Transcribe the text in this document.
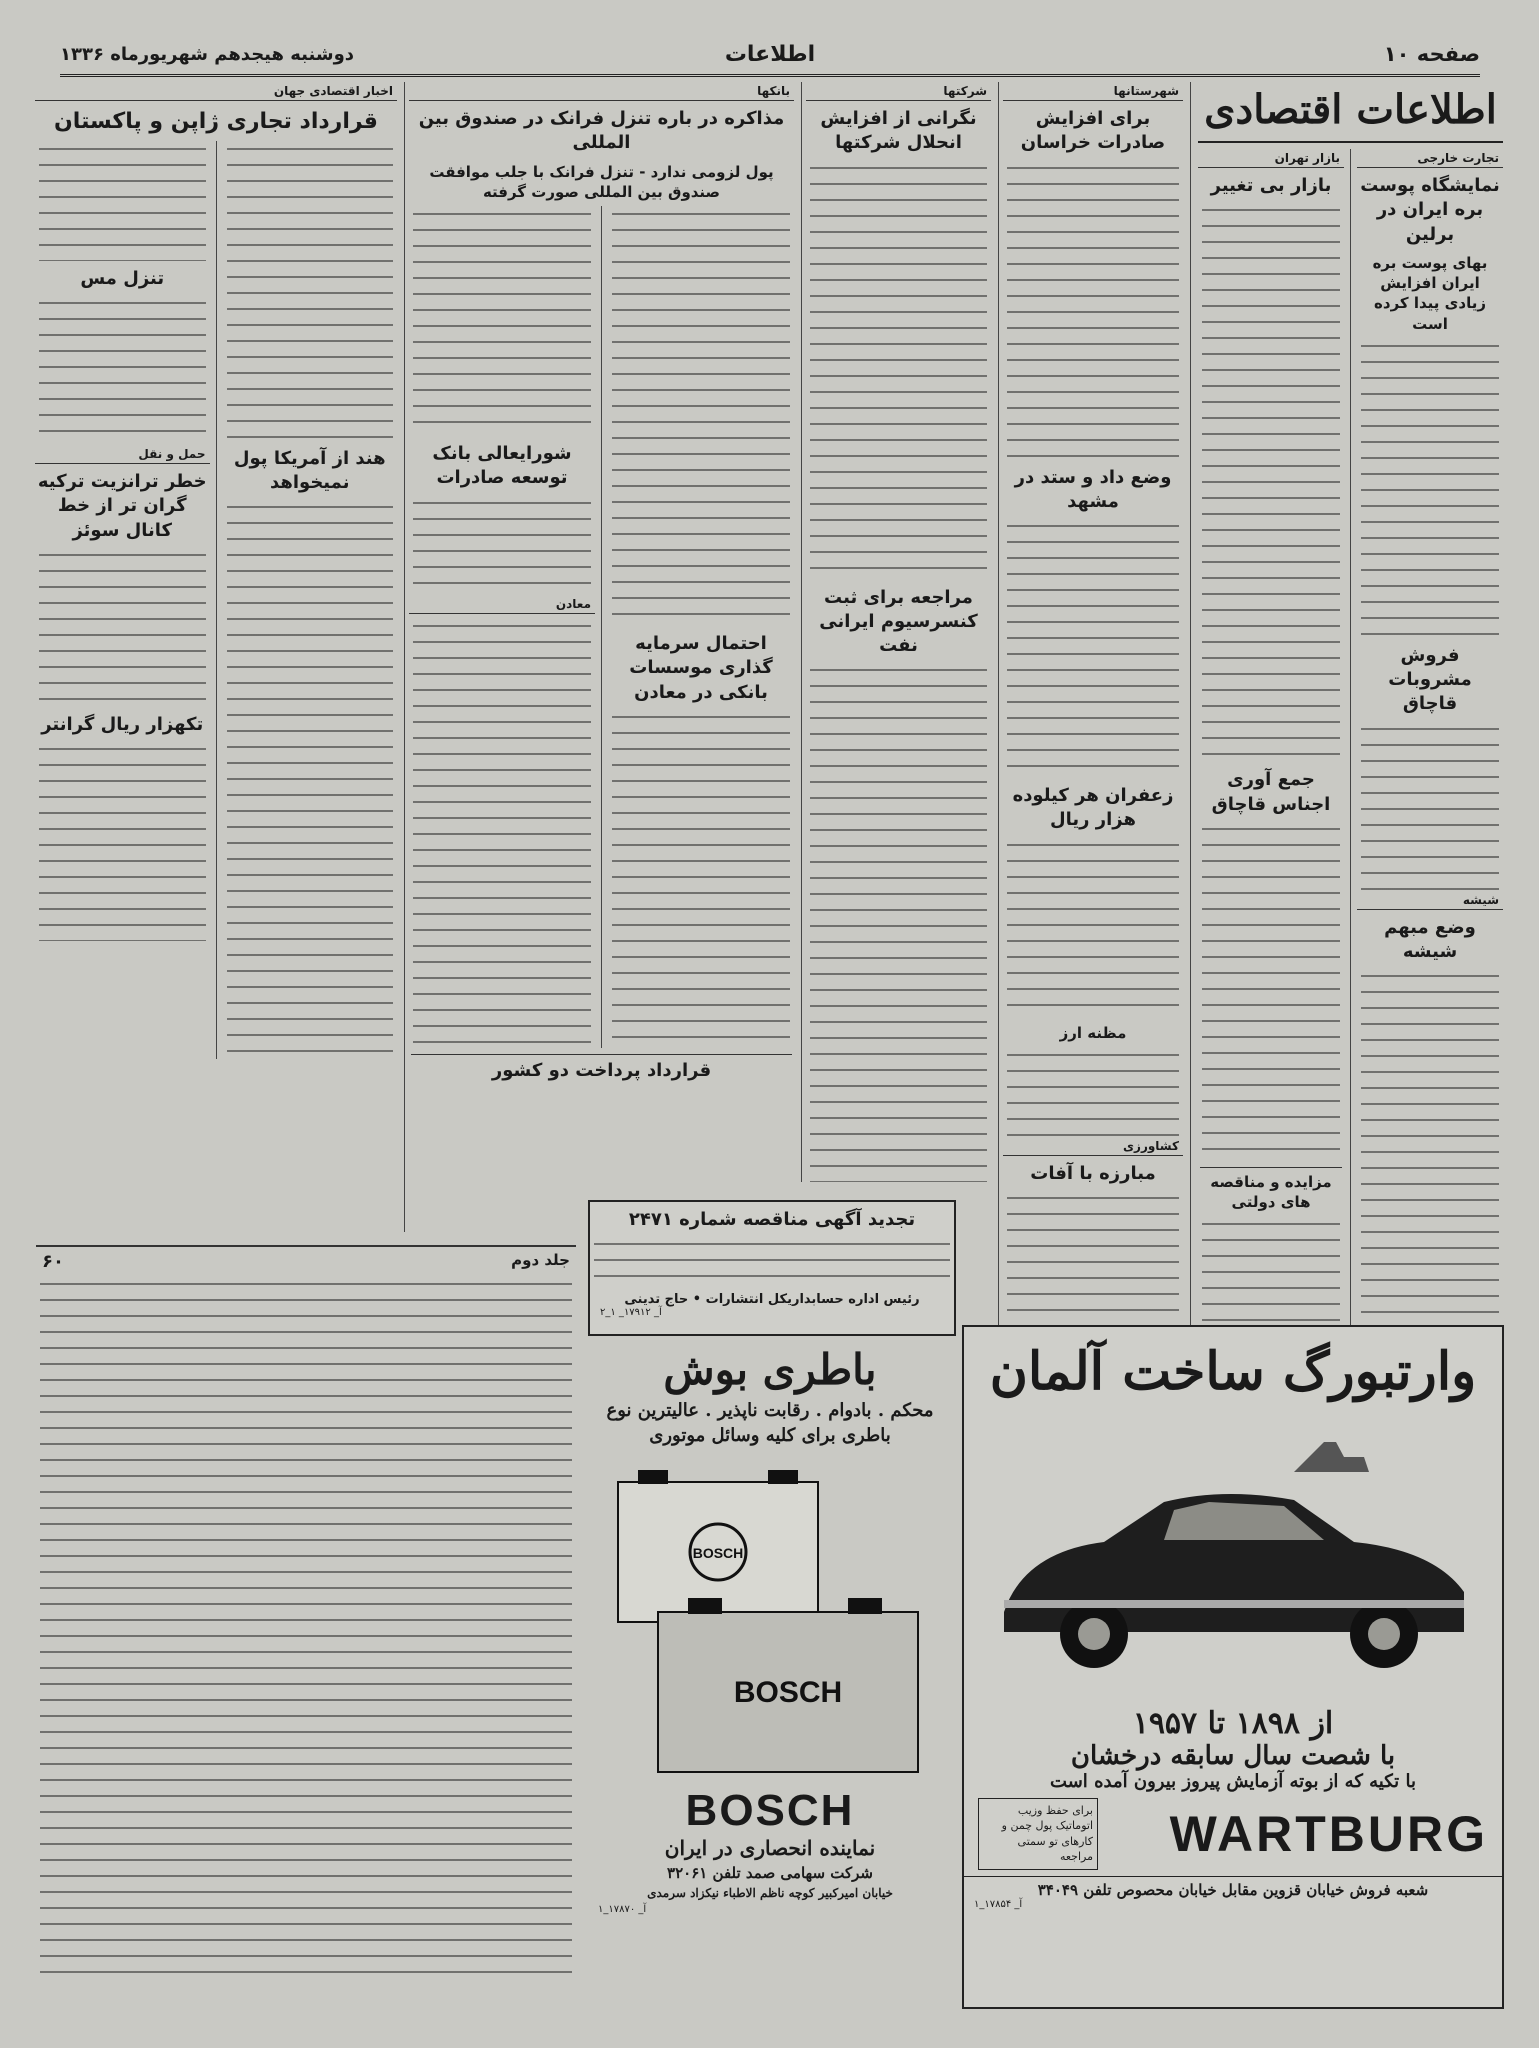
صفحه ۱۰
اطلاعات
دوشنبه هیجدهم شهریورماه ۱۳۳۶
اطلاعات اقتصادی
تجارت خارجی
نمایشگاه پوست بره ایران در برلین
بهای پوست بره ایران افزایش زیادی پیدا کرده است
فروش مشروبات قاچاق
شیشه
وضع مبهم شیشه
بازار تهران
بازار بی تغییر
جمع آوری اجناس قاچاق
مزایده و مناقصه های دولتی
شهرستانها
برای افزایش صادرات خراسان
وضع داد و ستد در مشهد
زعفران هر کیلوده هزار ریال
مظنه ارز
کشاورزی
مبارزه با آفات
شرکتها
نگرانی از افزایش انحلال شرکتها
مراجعه برای ثبت کنسرسیوم ایرانی نفت
بانکها
مذاکره در باره تنزل فرانک در صندوق بین المللی
پول لزومی ندارد - تنزل فرانک با جلب موافقت صندوق بین المللی صورت گرفته
احتمال سرمایه گذاری موسسات بانکی در معادن
شورایعالی بانک توسعه صادرات
معادن
قرارداد پرداخت دو کشور
اخبار اقتصادی جهان
قرارداد تجاری ژاپن و پاکستان
هند از آمریکا پول نمیخواهد
تنزل مس
حمل و نقل
خطر ترانزیت ترکیه گران تر از خط کانال سوئز
تکهزار ریال گرانتر
جلد دوم
۶۰
تجدید آگهی مناقصه شماره ۲۴۷۱
رئیس اداره حسابداریکل انتشارات • حاج تدینی
آ_ ۱۷۹۱۲_ ۱_۲
باطری بوش
محکم . بادوام . رقابت ناپذیر . عالیترین نوع باطری برای کلیه وسائل موتوری
BOSCH
BOSCH
BOSCH
نماینده انحصاری در ایران
شرکت سهامی صمد تلفن ۳۲۰۶۱
خیابان امیرکبیر کوچه ناظم الاطباء نیکزاد سرمدی
آ_ ۱۷۸۷۰_۱
وارتبورگ ساخت آلمان
از ۱۸۹۸ تا ۱۹۵۷
با شصت سال سابقه درخشان
با تکیه که از بوته آزمایش پیروز بیرون آمده است
WARTBURG
برای حفظ وزیب اتوماتیک پول چمن و کارهای تو سمتی مراجعه
شعبه فروش خیابان قزوین مقابل خیابان محصوص تلفن ۳۴۰۴۹
آ_ ۱۷۸۵۴_۱
